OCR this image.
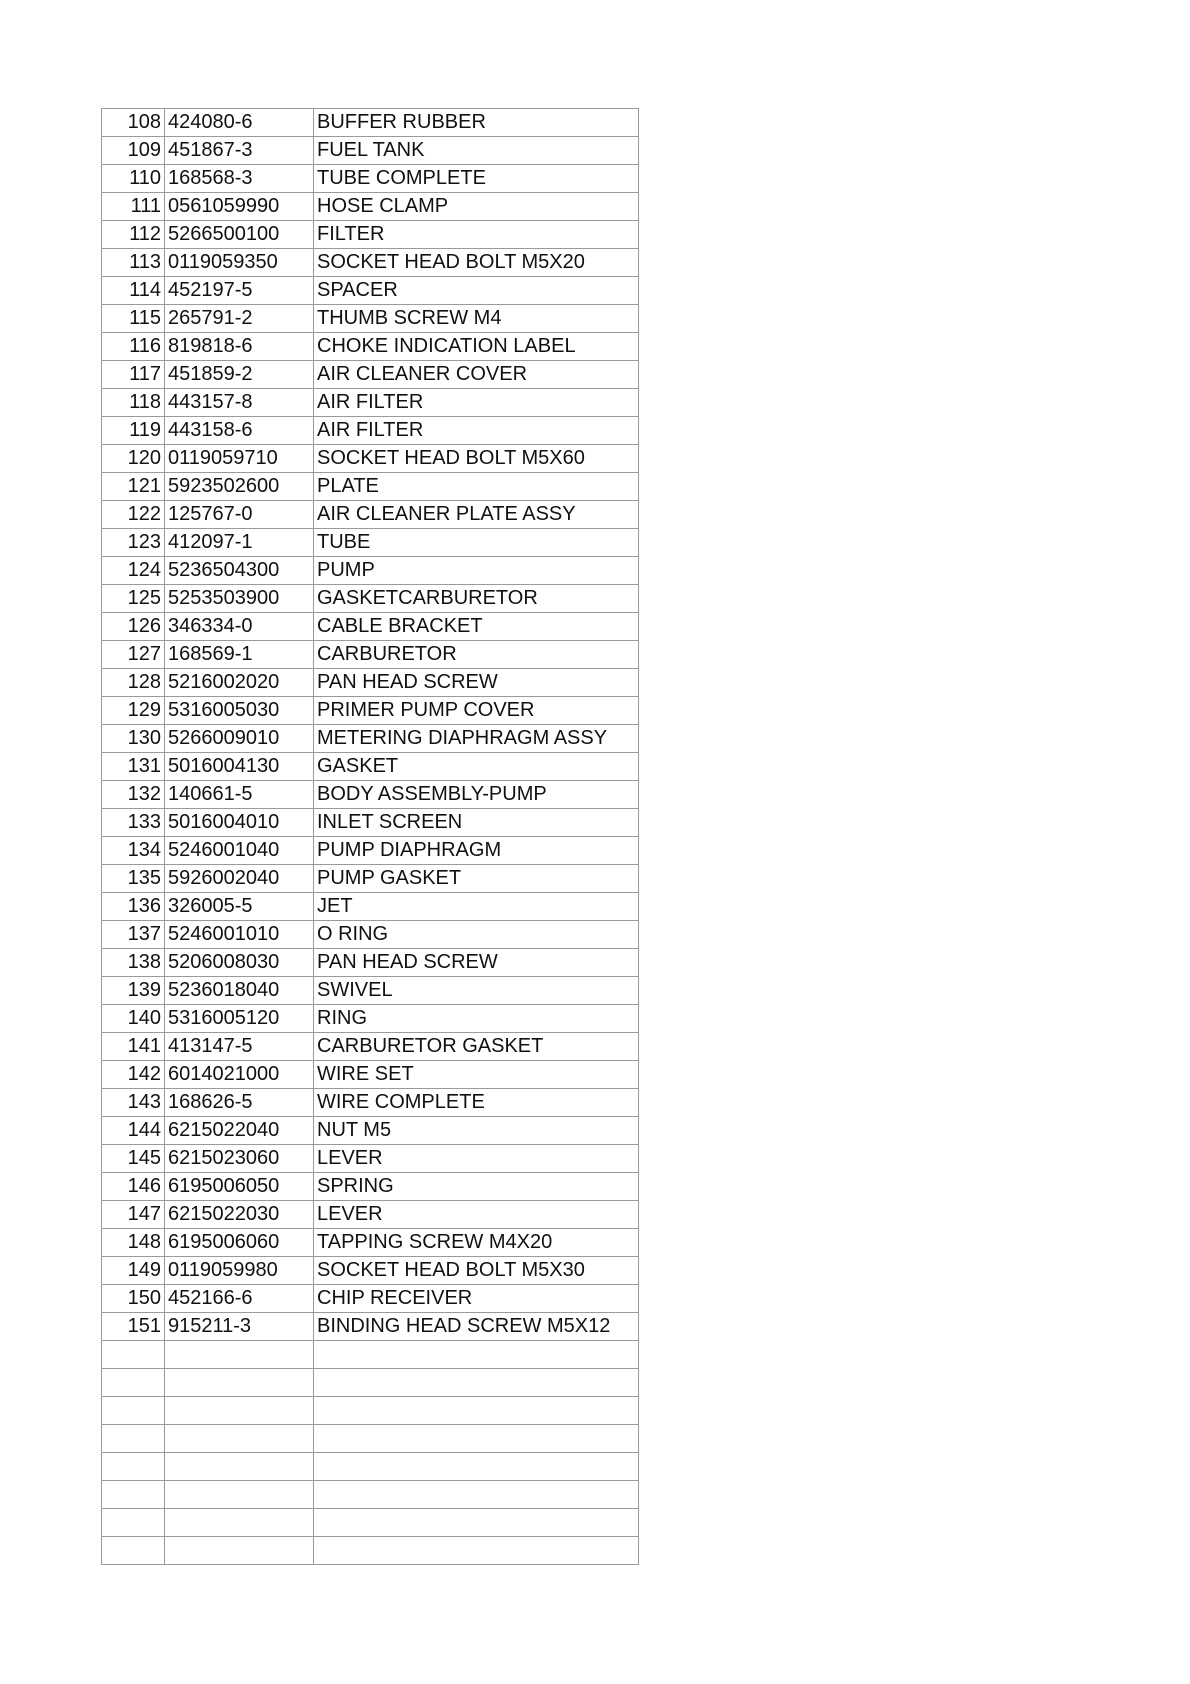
108	424080-6	BUFFER RUBBER
109	451867-3	FUEL TANK
110	168568-3	TUBE COMPLETE
111	0561059990	HOSE CLAMP
112	5266500100	FILTER
113	0119059350	SOCKET HEAD BOLT M5X20
114	452197-5	SPACER
115	265791-2	THUMB SCREW M4
116	819818-6	CHOKE INDICATION LABEL
117	451859-2	AIR CLEANER COVER
118	443157-8	AIR FILTER
119	443158-6	AIR FILTER
120	0119059710	SOCKET HEAD BOLT M5X60
121	5923502600	PLATE
122	125767-0	AIR CLEANER PLATE ASSY
123	412097-1	TUBE
124	5236504300	PUMP
125	5253503900	GASKETCARBURETOR
126	346334-0	CABLE BRACKET
127	168569-1	CARBURETOR
128	5216002020	PAN HEAD SCREW
129	5316005030	PRIMER PUMP COVER
130	5266009010	METERING DIAPHRAGM ASSY
131	5016004130	GASKET
132	140661-5	BODY ASSEMBLY-PUMP
133	5016004010	INLET SCREEN
134	5246001040	PUMP DIAPHRAGM
135	5926002040	PUMP GASKET
136	326005-5	JET
137	5246001010	O RING
138	5206008030	PAN HEAD SCREW
139	5236018040	SWIVEL
140	5316005120	RING
141	413147-5	CARBURETOR GASKET
142	6014021000	WIRE SET
143	168626-5	WIRE COMPLETE
144	6215022040	NUT M5
145	6215023060	LEVER
146	6195006050	SPRING
147	6215022030	LEVER
148	6195006060	TAPPING SCREW M4X20
149	0119059980	SOCKET HEAD BOLT M5X30
150	452166-6	CHIP RECEIVER
151	915211-3	BINDING HEAD SCREW M5X12
